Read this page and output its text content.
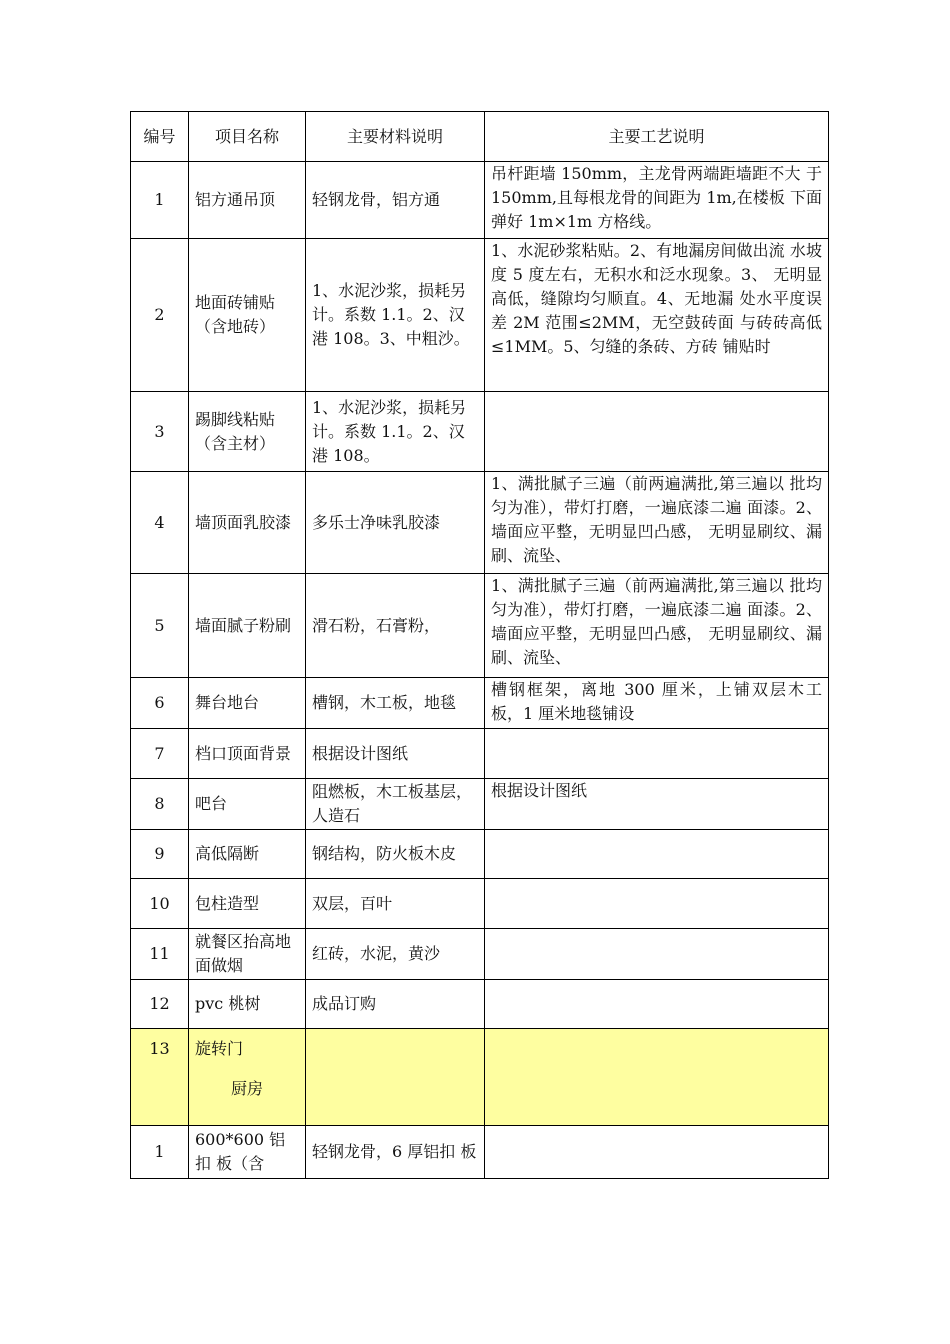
编号	项目名称	主要材料说明	主要工艺说明
1	铝方通吊顶	轻钢龙骨，铝方通	吊杆距墙 150mm，主龙骨两端距墙距不大 于 150mm,且每根龙骨的间距为 1m,在楼板 下面弹好 1m×1m 方格线。
2	地面砖铺贴（含地砖）	1、水泥沙浆，损耗另 计。系数 1.1。2、汉 港 108。3、中粗沙。	1、水泥砂浆粘贴。2、有地漏房间做出流 水坡度 5 度左右，无积水和泛水现象。3、 无明显高低，缝隙均匀顺直。4、无地漏 处水平度误差 2M 范围≤2MM，无空鼓砖面 与砖砖高低≤1MM。5、匀缝的条砖、方砖 铺贴时
3	踢脚线粘贴（含主材）	1、水泥沙浆，损耗另 计。系数 1.1。2、汉 港 108。	
4	墙顶面乳胶漆	多乐士净味乳胶漆	1、满批腻子三遍（前两遍满批,第三遍以 批均匀为准），带灯打磨，一遍底漆二遍 面漆。2、墙面应平整，无明显凹凸感， 无明显刷纹、漏刷、流坠、
5	墙面腻子粉刷	滑石粉，石膏粉，	1、满批腻子三遍（前两遍满批,第三遍以 批均匀为准），带灯打磨，一遍底漆二遍 面漆。2、墙面应平整，无明显凹凸感， 无明显刷纹、漏刷、流坠、
6	舞台地台	槽钢，木工板，地毯	槽钢框架，离地 300 厘米，上铺双层木工 板，1 厘米地毯铺设
7	档口顶面背景	根据设计图纸	
8	吧台	阻燃板，木工板基层， 人造石	根据设计图纸
9	高低隔断	钢结构，防火板木皮	
10	包柱造型	双层，百叶	
11	就餐区抬高地 面做烟	红砖，水泥，黄沙	
12	pvc 桃树	成品订购	
13	旋转门
厨房		

1	600*600 铝扣 板（含	轻钢龙骨，6 厚铝扣 板	
